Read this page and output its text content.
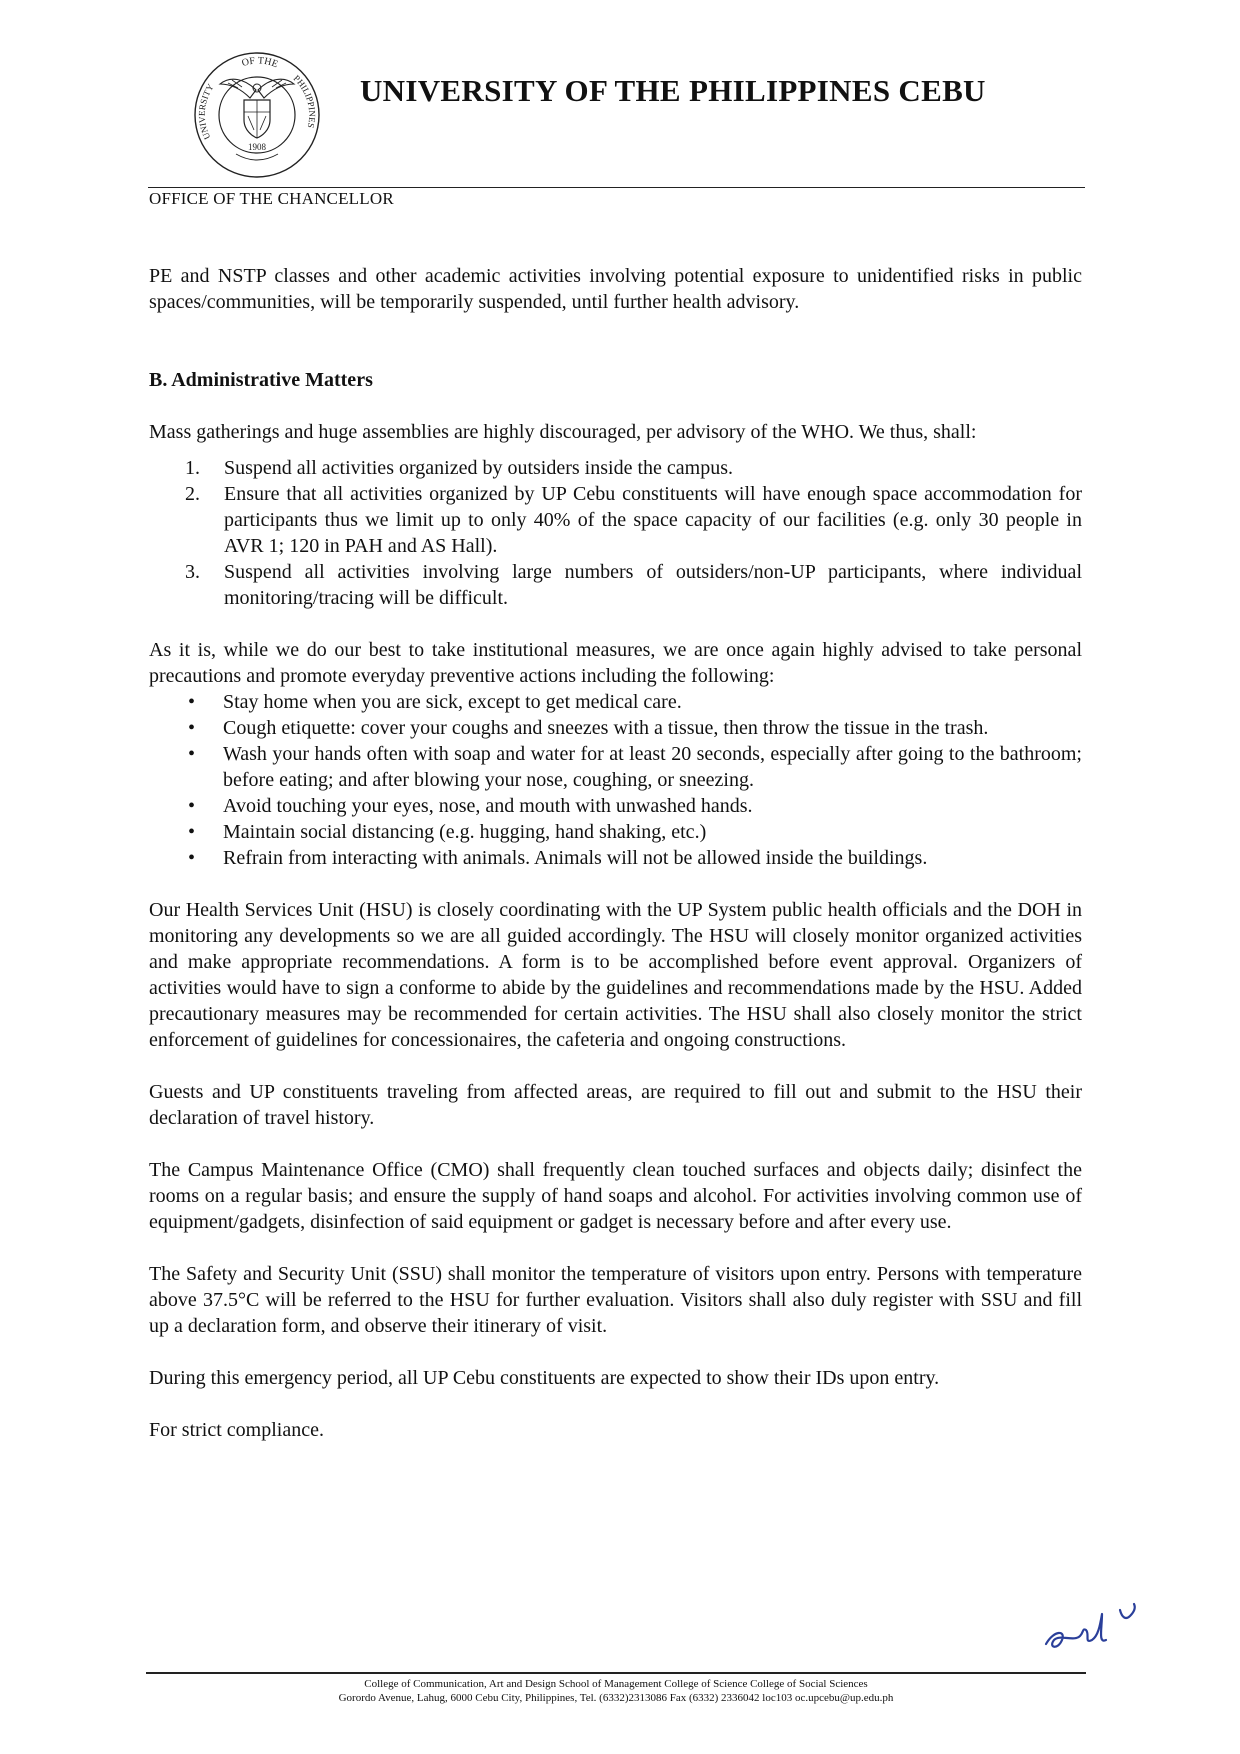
OF THE
UNIVERSITY
PHILIPPINES
1908
UNIVERSITY OF THE PHILIPPINES CEBU
OFFICE OF THE CHANCELLOR

PE and NSTP classes and other academic activities involving potential exposure to unidentified risks in public spaces/communities, will be temporarily suspended, until further health advisory.

B. Administrative Matters

Mass gatherings and huge assemblies are highly discouraged, per advisory of the WHO. We thus, shall:

1. Suspend all activities organized by outsiders inside the campus.
2. Ensure that all activities organized by UP Cebu constituents will have enough space accommodation for participants thus we limit up to only 40% of the space capacity of our facilities (e.g. only 30 people in AVR 1; 120 in PAH and AS Hall).
3. Suspend all activities involving large numbers of outsiders/non-UP participants, where individual monitoring/tracing will be difficult.

As it is, while we do our best to take institutional measures, we are once again highly advised to take personal precautions and promote everyday preventive actions including the following:

• Stay home when you are sick, except to get medical care.
• Cough etiquette: cover your coughs and sneezes with a tissue, then throw the tissue in the trash.
• Wash your hands often with soap and water for at least 20 seconds, especially after going to the bathroom; before eating; and after blowing your nose, coughing, or sneezing.
• Avoid touching your eyes, nose, and mouth with unwashed hands.
• Maintain social distancing (e.g. hugging, hand shaking, etc.)
• Refrain from interacting with animals. Animals will not be allowed inside the buildings.

Our Health Services Unit (HSU) is closely coordinating with the UP System public health officials and the DOH in monitoring any developments so we are all guided accordingly. The HSU will closely monitor organized activities and make appropriate recommendations. A form is to be accomplished before event approval. Organizers of activities would have to sign a conforme to abide by the guidelines and recommendations made by the HSU. Added precautionary measures may be recommended for certain activities. The HSU shall also closely monitor the strict enforcement of guidelines for concessionaires, the cafeteria and ongoing constructions.

Guests and UP constituents traveling from affected areas, are required to fill out and submit to the HSU their declaration of travel history.

The Campus Maintenance Office (CMO) shall frequently clean touched surfaces and objects daily; disinfect the rooms on a regular basis; and ensure the supply of hand soaps and alcohol. For activities involving common use of equipment/gadgets, disinfection of said equipment or gadget is necessary before and after every use.

The Safety and Security Unit (SSU) shall monitor the temperature of visitors upon entry. Persons with temperature above 37.5°C will be referred to the HSU for further evaluation. Visitors shall also duly register with SSU and fill up a declaration form, and observe their itinerary of visit.

During this emergency period, all UP Cebu constituents are expected to show their IDs upon entry.

For strict compliance.

College of Communication, Art and Design School of Management College of Science College of Social Sciences
Gorordo Avenue, Lahug, 6000 Cebu City, Philippines, Tel. (6332)2313086 Fax (6332) 2336042 loc103 oc.upcebu@up.edu.ph
